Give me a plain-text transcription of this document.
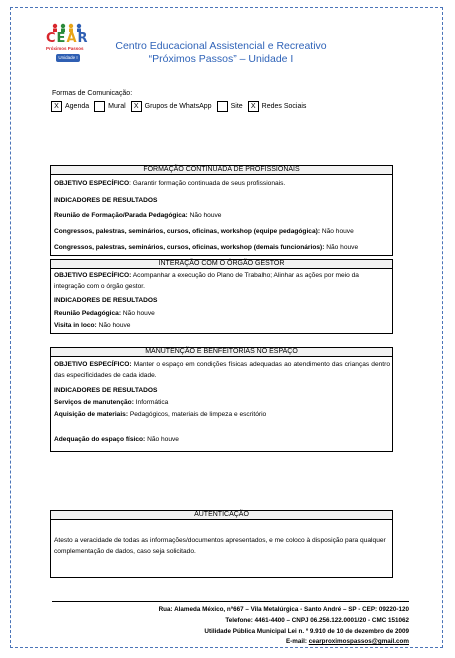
CEAR
Próximos Passos
Unidade I
Centro Educacional Assistencial e Recreativo
“Próximos Passos” – Unidade I
Formas de Comunicação:
X Agenda	Mural	X Grupos de WhatsApp	Site	X Redes Sociais
FORMAÇÃO CONTINUADA DE PROFISSIONAIS
OBJETIVO ESPECÍFICO: Garantir formação continuada de seus profissionais.
INDICADORES DE RESULTADOS
Reunião de Formação/Parada Pedagógica: Não houve
Congressos, palestras, seminários, cursos, oficinas, workshop (equipe pedagógica): Não houve
Congressos, palestras, seminários, cursos, oficinas, workshop (demais funcionários): Não houve
INTERAÇÃO COM O ÓRGÃO GESTOR
OBJETIVO ESPECÍFICO: Acompanhar a execução do Plano de Trabalho; Alinhar as ações por meio da integração com o órgão gestor.
INDICADORES DE RESULTADOS
Reunião Pedagógica: Não houve
Visita in loco: Não houve
MANUTENÇÃO E BENFEITORIAS NO ESPAÇO
OBJETIVO ESPECÍFICO: Manter o espaço em condições físicas adequadas ao atendimento das crianças dentro das especificidades de cada idade.
INDICADORES DE RESULTADOS
Serviços de manutenção: Informática
Aquisição de materiais: Pedagógicos, materiais de limpeza e escritório
Adequação do espaço físico: Não houve
AUTENTICAÇÃO
Atesto a veracidade de todas as informações/documentos apresentados, e me coloco à disposição para qualquer complementação de dados, caso seja solicitado.
Rua: Alameda México, nº667 – Vila Metalúrgica - Santo André – SP - CEP: 09220-120
Telefone: 4461-4400 – CNPJ 06.256.122.0001/20 - CMC 151062
Utilidade Pública Municipal Lei n. º 9.910 de 10 de dezembro de 2009
E-mail: cearproximospassos@gmail.com
